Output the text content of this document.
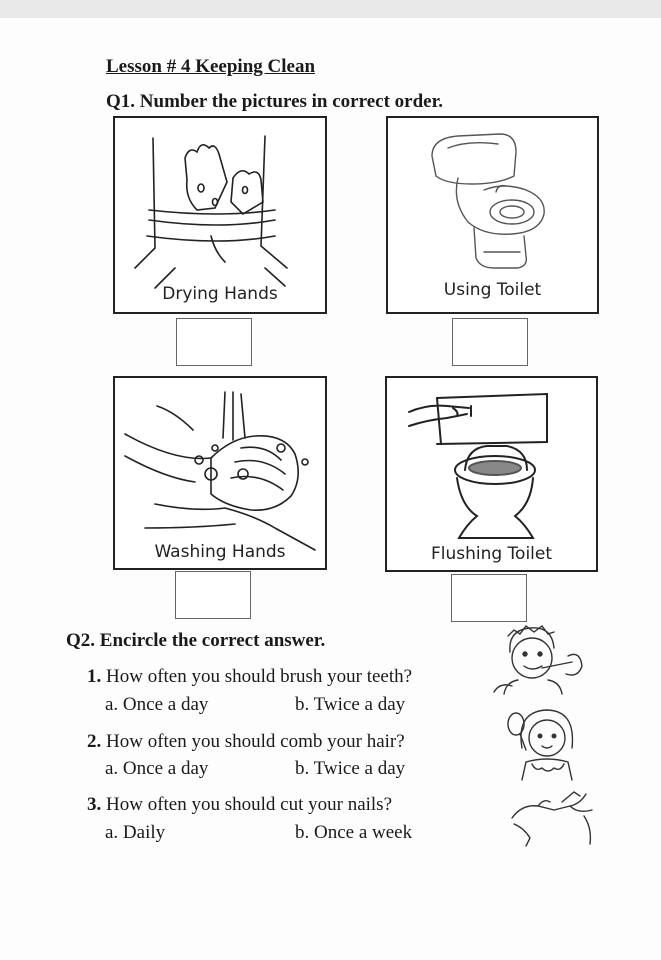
Lesson # 4 Keeping Clean
Q1. Number the pictures in correct order.
Drying Hands	Using Toilet
Washing Hands	Flushing Toilet
Q2. Encircle the correct answer.
1. How often you should brush your teeth?
a. Once a day	b. Twice a day
2. How often you should comb your hair?
a. Once a day	b. Twice a day
3. How often you should cut your nails?
a. Daily	b. Once a week
